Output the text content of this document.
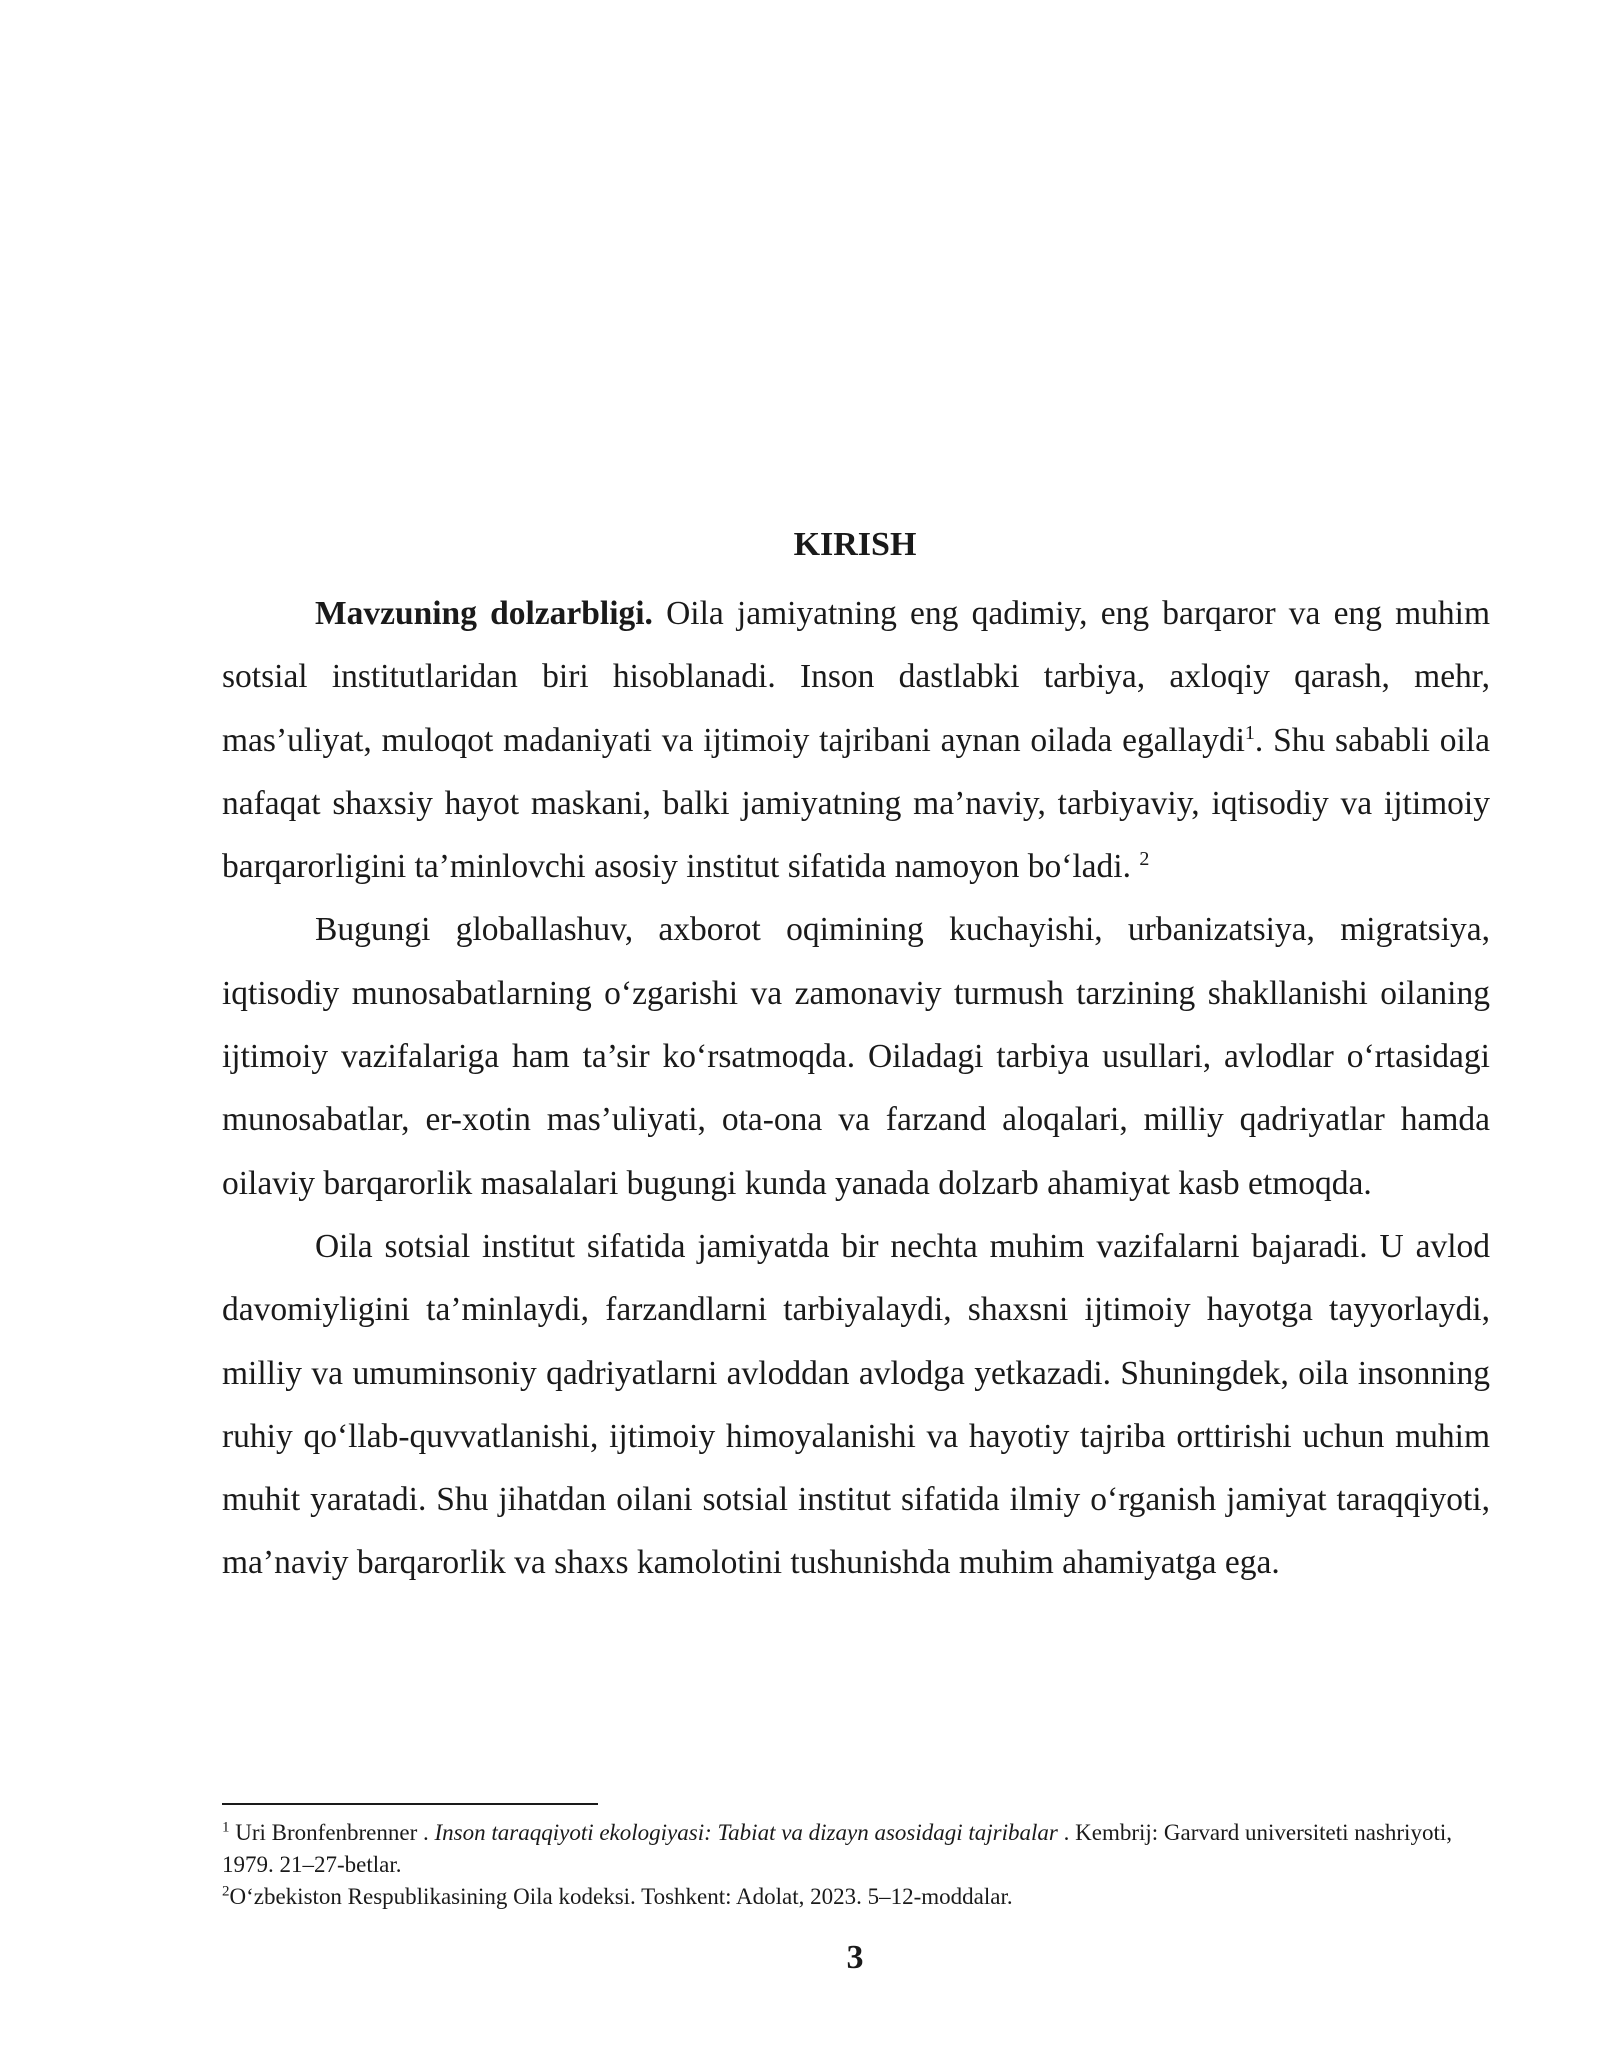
KIRISH

Mavzuning dolzarbligi. Oila jamiyatning eng qadimiy, eng barqaror va eng muhim sotsial institutlaridan biri hisoblanadi. Inson dastlabki tarbiya, axloqiy qarash, mehr, mas’uliyat, muloqot madaniyati va ijtimoiy tajribani aynan oilada egallaydi$^1$. Shu sababli oila nafaqat shaxsiy hayot maskani, balki jamiyatning ma’naviy, tarbiyaviy, iqtisodiy va ijtimoiy barqarorligini ta’minlovchi asosiy institut sifatida namoyon bo‘ladi. $^2$

Bugungi globallashuv, axborot oqimining kuchayishi, urbanizatsiya, migratsiya, iqtisodiy munosabatlarning o‘zgarishi va zamonaviy turmush tarzining shakllanishi oilaning ijtimoiy vazifalariga ham ta’sir ko‘rsatmoqda. Oiladagi tarbiya usullari, avlodlar o‘rtasidagi munosabatlar, er-xotin mas’uliyati, ota-ona va farzand aloqalari, milliy qadriyatlar hamda oilaviy barqarorlik masalalari bugungi kunda yanada dolzarb ahamiyat kasb etmoqda.

Oila sotsial institut sifatida jamiyatda bir nechta muhim vazifalarni bajaradi. U avlod davomiyligini ta’minlaydi, farzandlarni tarbiyalaydi, shaxsni ijtimoiy hayotga tayyorlaydi, milliy va umuminsoniy qadriyatlarni avloddan avlodga yetkazadi. Shuningdek, oila insonning ruhiy qo‘llab-quvvatlanishi, ijtimoiy himoyalanishi va hayotiy tajriba orttirishi uchun muhim muhit yaratadi. Shu jihatdan oilani sotsial institut sifatida ilmiy o‘rganish jamiyat taraqqiyoti, ma’naviy barqarorlik va shaxs kamolotini tushunishda muhim ahamiyatga ega.

$^1$ Uri Bronfenbrenner . Inson taraqqiyoti ekologiyasi: Tabiat va dizayn asosidagi tajribalar . Kembrij: Garvard universiteti nashriyoti, 1979. 21–27-betlar.

$^2$O‘zbekiston Respublikasining Oila kodeksi. Toshkent: Adolat, 2023. 5–12-moddalar.

3
